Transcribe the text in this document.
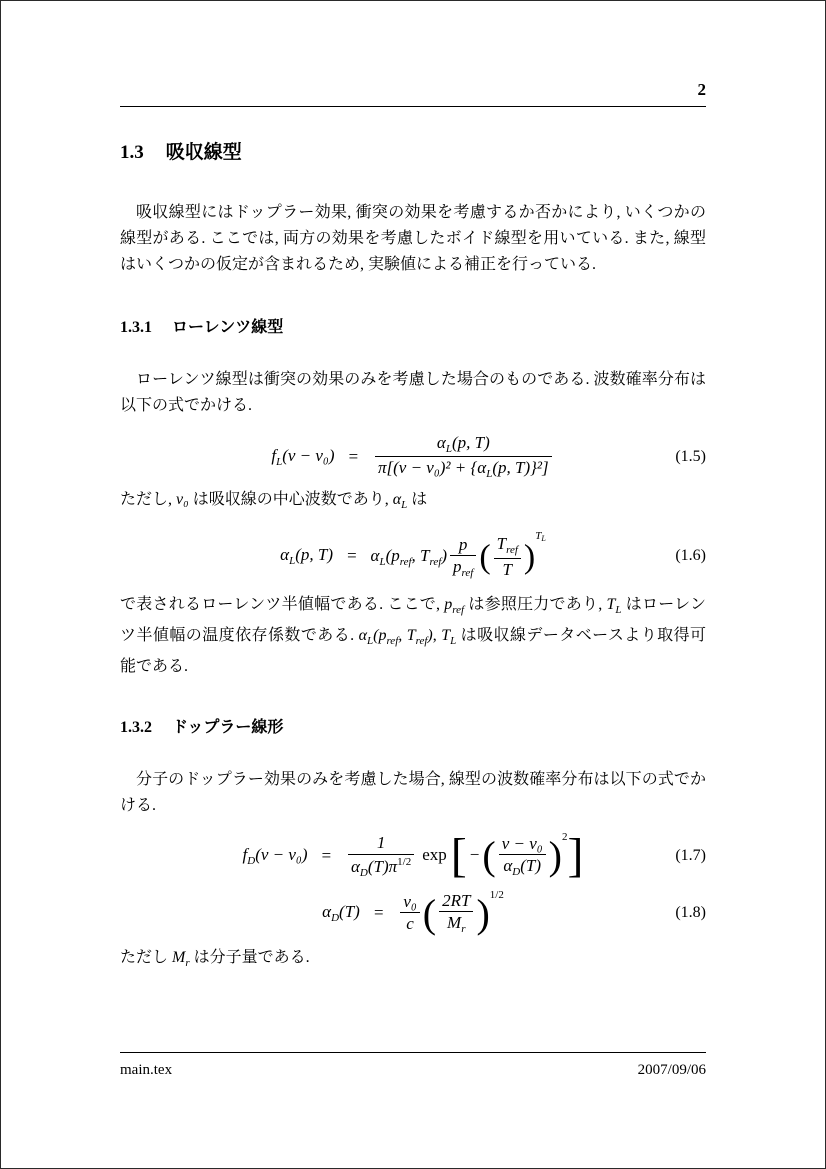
2
1.3 吸収線型

吸収線型にはドップラー効果, 衝突の効果を考慮するか否かにより, いくつかの線型がある. ここでは, 両方の効果を考慮したボイド線型を用いている. また, 線型はいくつかの仮定が含まれるため, 実験値による補正を行っている.

1.3.1 ローレンツ線型

ローレンツ線型は衝突の効果のみを考慮した場合のものである. 波数確率分布は以下の式でかける.

$f_L(\nu - \nu_0) = \frac{\alpha_L(p, T)}{\pi[(\nu - \nu_0)^2 + \{\alpha_L(p, T)\}^2]}$	(1.5)

ただし, ν₀ は吸収線の中心波数であり, $\alpha_L$ は

$\alpha_L(p$, $T) = \alpha_L(p_{ref}$, $T_{ref}) \frac{p}{p_{ref}}$ ( $\frac{T_{ref}}{T} )^{TL}$
(1.6)

で表されるローレンツ半値幅である. ここで, $p_{ref}$ は参照圧力であり, $T_L$ はローレンツ半値幅の温度依存係数である. $\alpha_L(p_{ref}$, $T_{ref}$), $T_L$ は吸収線データベースより取得可能である.

1.3.2 ドップラー線形

分子のドップラー効果のみを考慮した場合, 線型の波数確率分布は以下の式でかける.

$f_D(\nu - \nu_0) = \frac{1}{\alpha_D(T)\pi^{1/2}} \exp$[ −( $\frac{\text{ν − ν₀}}{\alpha_D(T)} )^2$]	(1.7)
$\alpha_D(T) = \frac{\text{ν₀}}{c}$ ( $\frac{2RT}{M_r} )^{1/2}$
(1.8)

ただし $M_r$ は分子量である.

main.tex	2007/09/06
